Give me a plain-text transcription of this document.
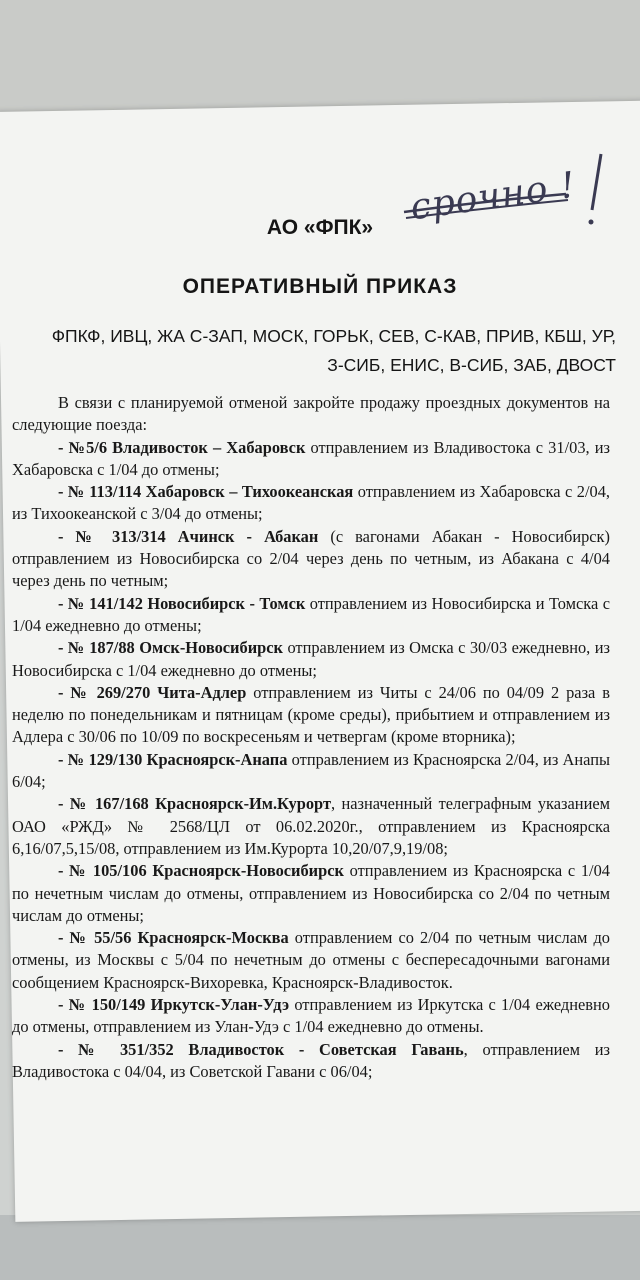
срочно !
АО «ФПК»
ОПЕРАТИВНЫЙ ПРИКАЗ
ФПКФ, ИВЦ, ЖА С-ЗАП, МОСК, ГОРЬК, СЕВ, С-КАВ, ПРИВ, КБШ, УР,
З-СИБ, ЕНИС, В-СИБ, ЗАБ, ДВОСТ

В связи с планируемой отменой закройте продажу проездных документов на следующие поезда:

- №5/6 Владивосток – Хабаровск отправлением из Владивостока с 31/03, из Хабаровска с 1/04 до отмены;

- № 113/114 Хабаровск – Тихоокеанская отправлением из Хабаровска с 2/04, из Тихоокеанской с 3/04 до отмены;

- № 313/314 Ачинск - Абакан (с вагонами Абакан - Новосибирск) отправлением из Новосибирска со 2/04 через день по четным, из Абакана с 4/04 через день по четным;

- № 141/142 Новосибирск - Томск отправлением из Новосибирска и Томска с 1/04 ежедневно до отмены;

- № 187/88 Омск-Новосибирск отправлением из Омска с 30/03 ежедневно, из Новосибирска с 1/04 ежедневно до отмены;

- № 269/270 Чита-Адлер отправлением из Читы с 24/06 по 04/09 2 раза в неделю по понедельникам и пятницам (кроме среды), прибытием и отправлением из Адлера с 30/06 по 10/09 по воскресеньям и четвергам (кроме вторника);

- № 129/130 Красноярск-Анапа отправлением из Красноярска 2/04, из Анапы 6/04;

- № 167/168 Красноярск-Им.Курорт, назначенный телеграфным указанием ОАО «РЖД» № 2568/ЦЛ от 06.02.2020г., отправлением из Красноярска 6,16/07,5,15/08, отправлением из Им.Курорта 10,20/07,9,19/08;

- № 105/106 Красноярск-Новосибирск отправлением из Красноярска с 1/04 по нечетным числам до отмены, отправлением из Новосибирска со 2/04 по четным числам до отмены;

- № 55/56 Красноярск-Москва отправлением со 2/04 по четным числам до отмены, из Москвы с 5/04 по нечетным до отмены с беспересадочными вагонами сообщением Красноярск-Вихоревка, Красноярск-Владивосток.

- № 150/149 Иркутск-Улан-Удэ отправлением из Иркутска с 1/04 ежедневно до отмены, отправлением из Улан-Удэ с 1/04 ежедневно до отмены.

- № 351/352 Владивосток - Советская Гавань, отправлением из Владивостока с 04/04, из Советской Гавани с 06/04;
